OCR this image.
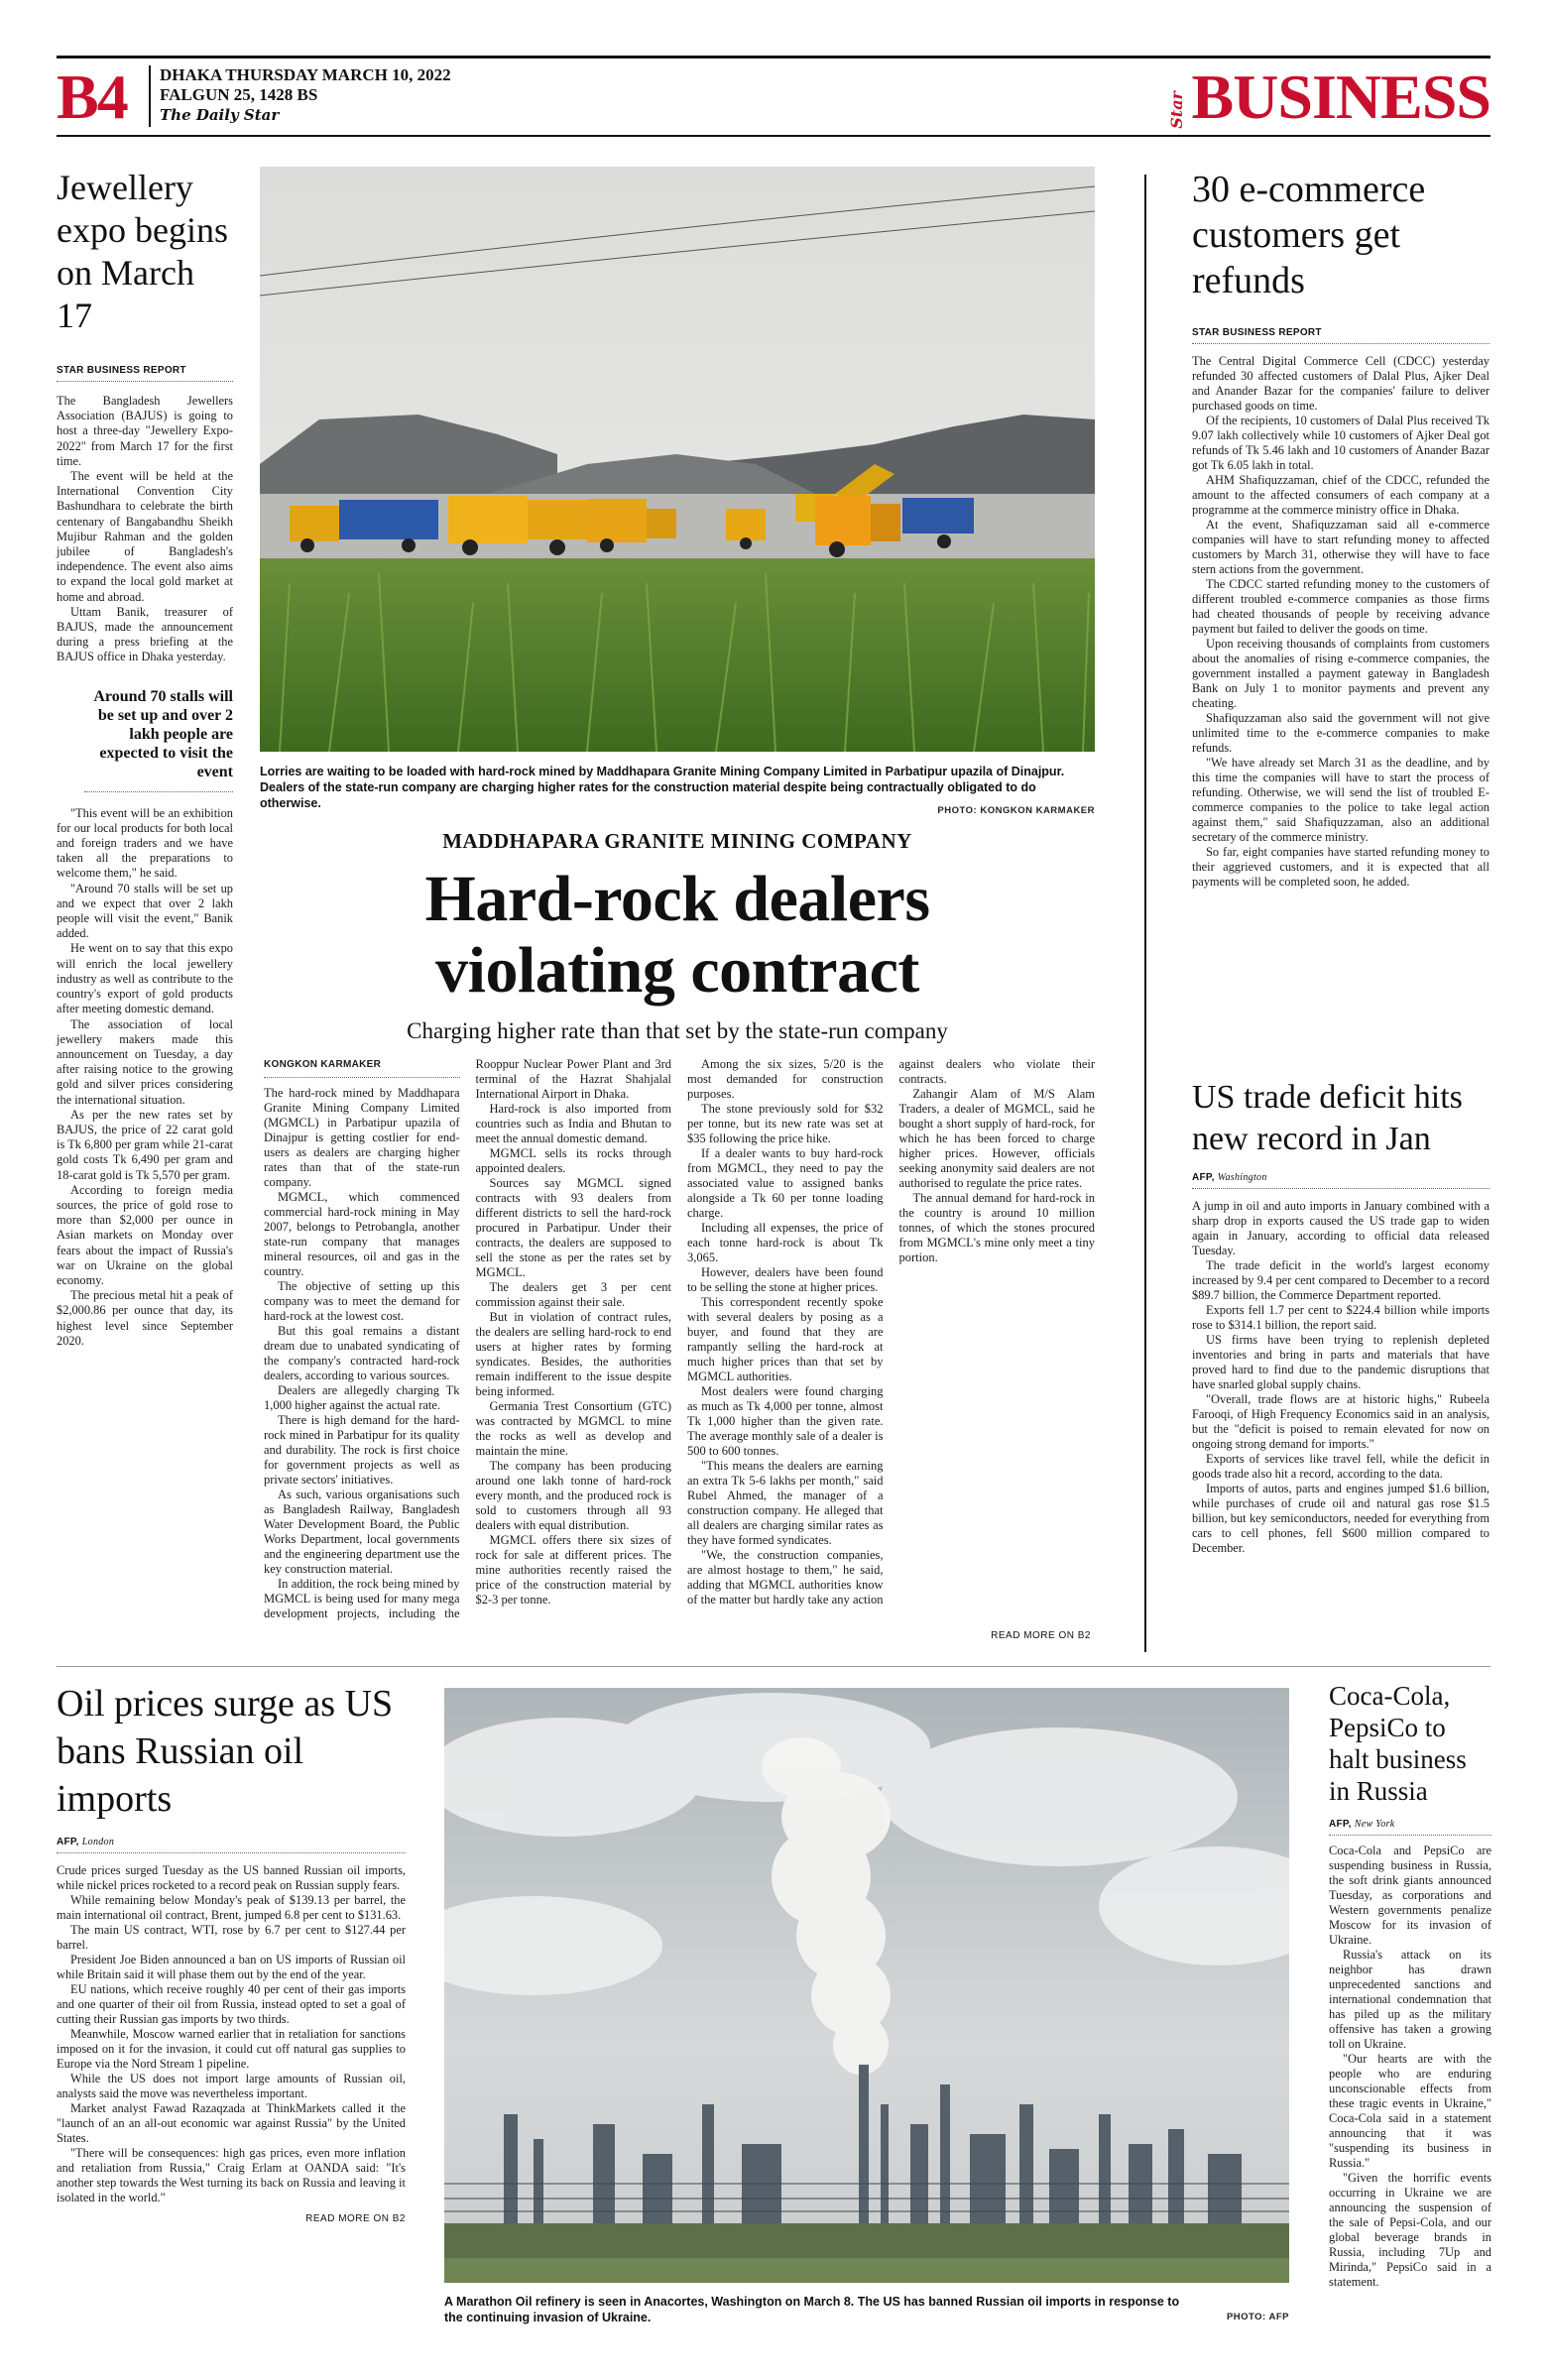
B4 DHAKA THURSDAY MARCH 10, 2022
FALGUN 25, 1428 BS
The Daily Star	Star BUSINESS
Jewellery expo begins on March 17
STAR BUSINESS REPORT

The Bangladesh Jewellers Association (BAJUS) is going to host a three-day "Jewellery Expo-2022" from March 17 for the first time.

The event will be held at the International Convention City Bashundhara to celebrate the birth centenary of Bangabandhu Sheikh Mujibur Rahman and the golden jubilee of Bangladesh's independence. The event also aims to expand the local gold market at home and abroad.

Uttam Banik, treasurer of BAJUS, made the announcement during a press briefing at the BAJUS office in Dhaka yesterday.

Around 70 stalls will be set up and over 2 lakh people are expected to visit the event

"This event will be an exhibition for our local products for both local and foreign traders and we have taken all the preparations to welcome them," he said.

"Around 70 stalls will be set up and we expect that over 2 lakh people will visit the event," Banik added.

He went on to say that this expo will enrich the local jewellery industry as well as contribute to the country's export of gold products after meeting domestic demand.

The association of local jewellery makers made this announcement on Tuesday, a day after raising notice to the growing gold and silver prices considering the international situation.

As per the new rates set by BAJUS, the price of 22 carat gold is Tk 6,800 per gram while 21-carat gold costs Tk 6,490 per gram and 18-carat gold is Tk 5,570 per gram.

According to foreign media sources, the price of gold rose to more than $2,000 per ounce in Asian markets on Monday over fears about the impact of Russia's war on Ukraine on the global economy.

The precious metal hit a peak of $2,000.86 per ounce that day, its highest level since September 2020.

Lorries are waiting to be loaded with hard-rock mined by Maddhapara Granite Mining Company Limited in Parbatipur upazila of Dinajpur. Dealers of the state-run company are charging higher rates for the construction material despite being contractually obligated to do otherwise.
PHOTO: KONGKON KARMAKER
MADDHAPARA GRANITE MINING COMPANY
Hard-rock dealers
violating contract
Charging higher rate than that set by the state-run company
KONGKON KARMAKER

The hard-rock mined by Maddhapara Granite Mining Company Limited (MGMCL) in Parbatipur upazila of Dinajpur is getting costlier for end-users as dealers are charging higher rates than that of the state-run company.

MGMCL, which commenced commercial hard-rock mining in May 2007, belongs to Petrobangla, another state-run company that manages mineral resources, oil and gas in the country.

The objective of setting up this company was to meet the demand for hard-rock at the lowest cost.

But this goal remains a distant dream due to unabated syndicating of the company's contracted hard-rock dealers, according to various sources.

Dealers are allegedly charging Tk 1,000 higher against the actual rate.

There is high demand for the hard-rock mined in Parbatipur for its quality and durability. The rock is first choice for government projects as well as private sectors' initiatives.

As such, various organisations such as Bangladesh Railway, Bangladesh Water Development Board, the Public Works Department, local governments and the engineering department use the key construction material.

In addition, the rock being mined by MGMCL is being used for many mega development projects, including the Rooppur Nuclear Power Plant and 3rd terminal of the Hazrat Shahjalal International Airport in Dhaka.

Hard-rock is also imported from countries such as India and Bhutan to meet the annual domestic demand.

MGMCL sells its rocks through appointed dealers.

Sources say MGMCL signed contracts with 93 dealers from different districts to sell the hard-rock procured in Parbatipur. Under their contracts, the dealers are supposed to sell the stone as per the rates set by MGMCL.

The dealers get 3 per cent commission against their sale.

But in violation of contract rules, the dealers are selling hard-rock to end users at higher rates by forming syndicates. Besides, the authorities remain indifferent to the issue despite being informed.

Germania Trest Consortium (GTC) was contracted by MGMCL to mine the rocks as well as develop and maintain the mine.

The company has been producing around one lakh tonne of hard-rock every month, and the produced rock is sold to customers through all 93 dealers with equal distribution.

MGMCL offers there six sizes of rock for sale at different prices. The mine authorities recently raised the price of the construction material by $2-3 per tonne.

Among the six sizes, 5/20 is the most demanded for construction purposes.

The stone previously sold for $32 per tonne, but its new rate was set at $35 following the price hike.

If a dealer wants to buy hard-rock from MGMCL, they need to pay the associated value to assigned banks alongside a Tk 60 per tonne loading charge.

Including all expenses, the price of each tonne hard-rock is about Tk 3,065.

However, dealers have been found to be selling the stone at higher prices.

This correspondent recently spoke with several dealers by posing as a buyer, and found that they are rampantly selling the hard-rock at much higher prices than that set by MGMCL authorities.

Most dealers were found charging as much as Tk 4,000 per tonne, almost Tk 1,000 higher than the given rate. The average monthly sale of a dealer is 500 to 600 tonnes.

"This means the dealers are earning an extra Tk 5-6 lakhs per month," said Rubel Ahmed, the manager of a construction company. He alleged that all dealers are charging similar rates as they have formed syndicates.

"We, the construction companies, are almost hostage to them," he said, adding that MGMCL authorities know of the matter but hardly take any action against dealers who violate their contracts.

Zahangir Alam of M/S Alam Traders, a dealer of MGMCL, said he bought a short supply of hard-rock, for which he has been forced to charge higher prices. However, officials seeking anonymity said dealers are not authorised to regulate the price rates.

The annual demand for hard-rock in the country is around 10 million tonnes, of which the stones procured from MGMCL's mine only meet a tiny portion.

READ MORE ON B2
30 e-commerce customers get refunds
STAR BUSINESS REPORT

The Central Digital Commerce Cell (CDCC) yesterday refunded 30 affected customers of Dalal Plus, Ajker Deal and Anander Bazar for the companies' failure to deliver purchased goods on time.

Of the recipients, 10 customers of Dalal Plus received Tk 9.07 lakh collectively while 10 customers of Ajker Deal got refunds of Tk 5.46 lakh and 10 customers of Anander Bazar got Tk 6.05 lakh in total.

AHM Shafiquzzaman, chief of the CDCC, refunded the amount to the affected consumers of each company at a programme at the commerce ministry office in Dhaka.

At the event, Shafiquzzaman said all e-commerce companies will have to start refunding money to affected customers by March 31, otherwise they will have to face stern actions from the government.

The CDCC started refunding money to the customers of different troubled e-commerce companies as those firms had cheated thousands of people by receiving advance payment but failed to deliver the goods on time.

Upon receiving thousands of complaints from customers about the anomalies of rising e-commerce companies, the government installed a payment gateway in Bangladesh Bank on July 1 to monitor payments and prevent any cheating.

Shafiquzzaman also said the government will not give unlimited time to the e-commerce companies to make refunds.

"We have already set March 31 as the deadline, and by this time the companies will have to start the process of refunding. Otherwise, we will send the list of troubled E-commerce companies to the police to take legal action against them," said Shafiquzzaman, also an additional secretary of the commerce ministry.

So far, eight companies have started refunding money to their aggrieved customers, and it is expected that all payments will be completed soon, he added.

US trade deficit hits new record in Jan
AFP, Washington

A jump in oil and auto imports in January combined with a sharp drop in exports caused the US trade gap to widen again in January, according to official data released Tuesday.

The trade deficit in the world's largest economy increased by 9.4 per cent compared to December to a record $89.7 billion, the Commerce Department reported.

Exports fell 1.7 per cent to $224.4 billion while imports rose to $314.1 billion, the report said.

US firms have been trying to replenish depleted inventories and bring in parts and materials that have proved hard to find due to the pandemic disruptions that have snarled global supply chains.

"Overall, trade flows are at historic highs," Rubeela Farooqi, of High Frequency Economics said in an analysis, but the "deficit is poised to remain elevated for now on ongoing strong demand for imports."

Exports of services like travel fell, while the deficit in goods trade also hit a record, according to the data.

Imports of autos, parts and engines jumped $1.6 billion, while purchases of crude oil and natural gas rose $1.5 billion, but key semiconductors, needed for everything from cars to cell phones, fell $600 million compared to December.

Oil prices surge as US bans Russian oil imports
AFP, London

Crude prices surged Tuesday as the US banned Russian oil imports, while nickel prices rocketed to a record peak on Russian supply fears.

While remaining below Monday's peak of $139.13 per barrel, the main international oil contract, Brent, jumped 6.8 per cent to $131.63.

The main US contract, WTI, rose by 6.7 per cent to $127.44 per barrel.

President Joe Biden announced a ban on US imports of Russian oil while Britain said it will phase them out by the end of the year.

EU nations, which receive roughly 40 per cent of their gas imports and one quarter of their oil from Russia, instead opted to set a goal of cutting their Russian gas imports by two thirds.

Meanwhile, Moscow warned earlier that in retaliation for sanctions imposed on it for the invasion, it could cut off natural gas supplies to Europe via the Nord Stream 1 pipeline.

While the US does not import large amounts of Russian oil, analysts said the move was nevertheless important.

Market analyst Fawad Razaqzada at ThinkMarkets called it the "launch of an an all-out economic war against Russia" by the United States.

"There will be consequences: high gas prices, even more inflation and retaliation from Russia," Craig Erlam at OANDA said: "It's another step towards the West turning its back on Russia and leaving it isolated in the world."

READ MORE ON B2
A Marathon Oil refinery is seen in Anacortes, Washington on March 8. The US has banned Russian oil imports in response to the continuing invasion of Ukraine.	PHOTO: AFP
Coca-Cola, PepsiCo to halt business in Russia
AFP, New York

Coca-Cola and PepsiCo are suspending business in Russia, the soft drink giants announced Tuesday, as corporations and Western governments penalize Moscow for its invasion of Ukraine.

Russia's attack on its neighbor has drawn unprecedented sanctions and international condemnation that has piled up as the military offensive has taken a growing toll on Ukraine.

"Our hearts are with the people who are enduring unconscionable effects from these tragic events in Ukraine," Coca-Cola said in a statement announcing that it was "suspending its business in Russia."

"Given the horrific events occurring in Ukraine we are announcing the suspension of the sale of Pepsi-Cola, and our global beverage brands in Russia, including 7Up and Mirinda," PepsiCo said in a statement.
